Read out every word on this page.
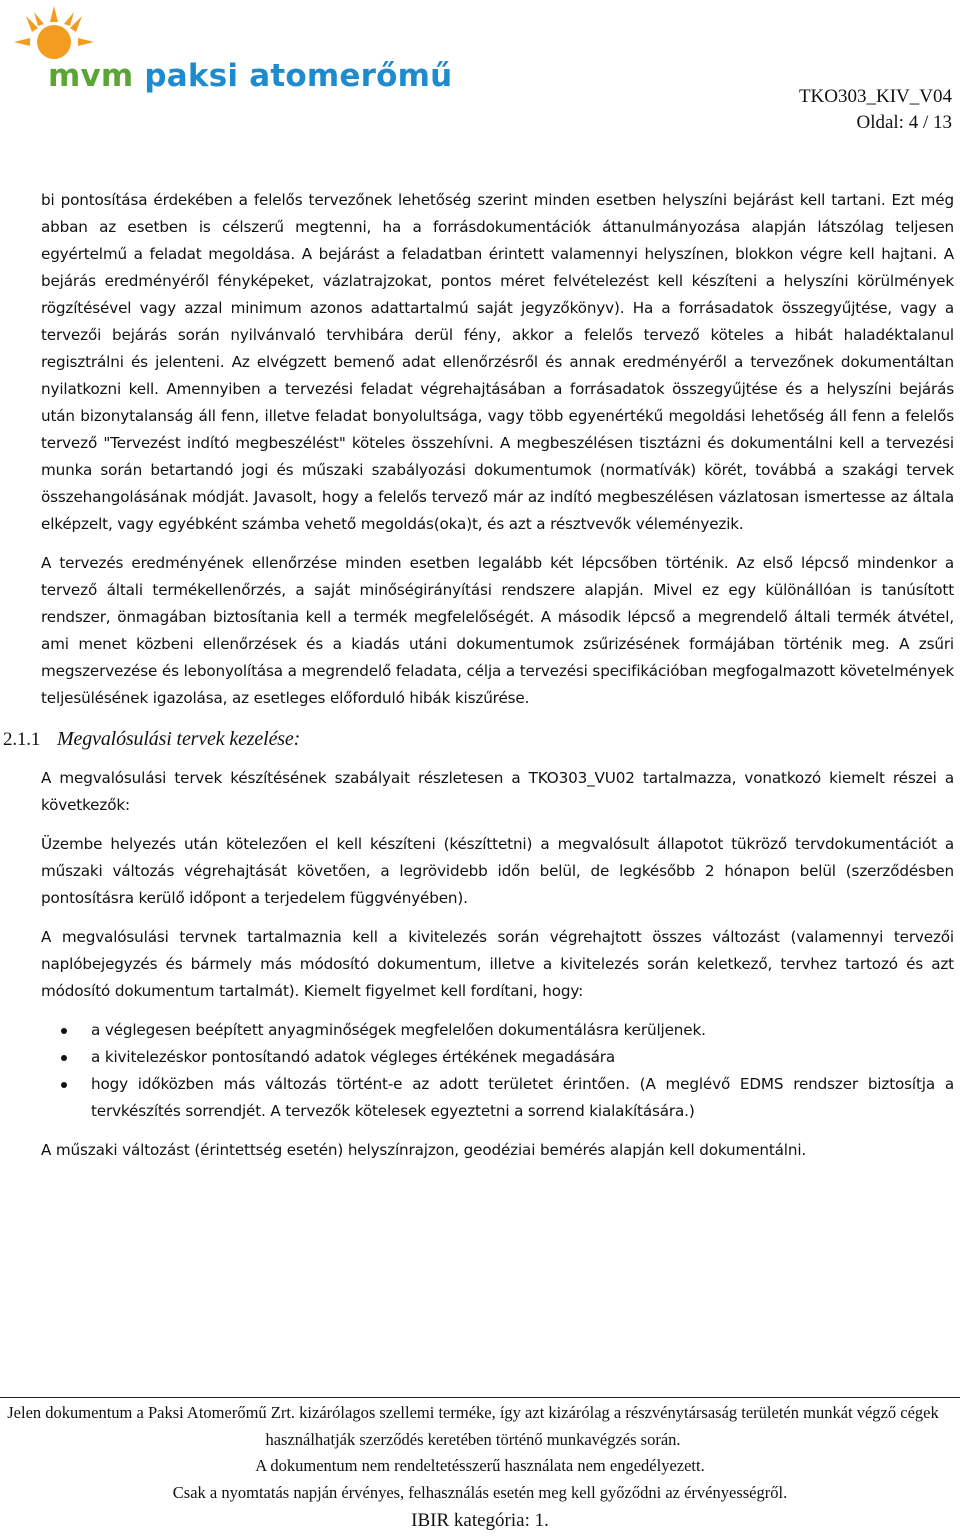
mvm paksi atomerőmű
TKO303_KIV_V04
Oldal: 4 / 13

bi pontosítása érdekében a felelős tervezőnek lehetőség szerint minden esetben helyszíni bejárást kell tartani. Ezt még abban az esetben is célszerű megtenni, ha a forrásdokumentációk áttanulmányozása alapján látszólag teljesen egyértelmű a feladat megoldása. A bejárást a feladatban érintett valamennyi helyszínen, blokkon végre kell hajtani. A bejárás eredményéről fényképeket, vázlatrajzokat, pontos méret felvételezést kell készíteni a helyszíni körülmények rögzítésével vagy azzal minimum azonos adattartalmú saját jegyzőkönyv). Ha a forrásadatok összegyűjtése, vagy a tervezői bejárás során nyilvánvaló tervhibára derül fény, akkor a felelős tervező köteles a hibát haladéktalanul regisztrálni és jelenteni. Az elvégzett bemenő adat ellenőrzésről és annak eredményéről a tervezőnek dokumentáltan nyilatkozni kell. Amennyiben a tervezési feladat végrehajtásában a forrásadatok összegyűjtése és a helyszíni bejárás után bizonytalanság áll fenn, illetve feladat bonyolultsága, vagy több egyenértékű megoldási lehetőség áll fenn a felelős tervező "Tervezést indító megbeszélést" köteles összehívni. A megbeszélésen tisztázni és dokumentálni kell a tervezési munka során betartandó jogi és műszaki szabályozási dokumentumok (normatívák) körét, továbbá a szakági tervek összehangolásának módját. Javasolt, hogy a felelős tervező már az indító megbeszélésen vázlatosan ismertesse az általa elképzelt, vagy egyébként számba vehető megoldás(oka)t, és azt a résztvevők véleményezik.

A tervezés eredményének ellenőrzése minden esetben legalább két lépcsőben történik. Az első lépcső mindenkor a tervező általi termékellenőrzés, a saját minőségirányítási rendszere alapján. Mivel ez egy különállóan is tanúsított rendszer, önmagában biztosítania kell a termék megfelelőségét. A második lépcső a megrendelő általi termék átvétel, ami menet közbeni ellenőrzések és a kiadás utáni dokumentumok zsűrizésének formájában történik meg. A zsűri megszervezése és lebonyolítása a megrendelő feladata, célja a tervezési specifikációban megfogalmazott követelmények teljesülésének igazolása, az esetleges előforduló hibák kiszűrése.

2.1.1 Megvalósulási tervek kezelése:

A megvalósulási tervek készítésének szabályait részletesen a TKO303_VU02 tartalmazza, vonatkozó kiemelt részei a következők:

Üzembe helyezés után kötelezően el kell készíteni (készíttetni) a megvalósult állapotot tükröző tervdokumentációt a műszaki változás végrehajtását követően, a legrövidebb időn belül, de legkésőbb 2 hónapon belül (szerződésben pontosításra kerülő időpont a terjedelem függvényében).

A megvalósulási tervnek tartalmaznia kell a kivitelezés során végrehajtott összes változást (valamennyi tervezői naplóbejegyzés és bármely más módosító dokumentum, illetve a kivitelezés során keletkező, tervhez tartozó és azt módosító dokumentum tartalmát). Kiemelt figyelmet kell fordítani, hogy:

a véglegesen beépített anyagminőségek megfelelően dokumentálásra kerüljenek.
a kivitelezéskor pontosítandó adatok végleges értékének megadására
hogy időközben más változás történt-e az adott területet érintően. (A meglévő EDMS rendszer biztosítja a tervkészítés sorrendjét. A tervezők kötelesek egyeztetni a sorrend kialakítására.)

A műszaki változást (érintettség esetén) helyszínrajzon, geodéziai bemérés alapján kell dokumentálni.

Jelen dokumentum a Paksi Atomerőmű Zrt. kizárólagos szellemi terméke, így azt kizárólag a részvénytársaság területén munkát végző cégek használhatják szerződés keretében történő munkavégzés során.
A dokumentum nem rendeltetésszerű használata nem engedélyezett.
Csak a nyomtatás napján érvényes, felhasználás esetén meg kell győződni az érvényességről.
IBIR kategória: 1.
